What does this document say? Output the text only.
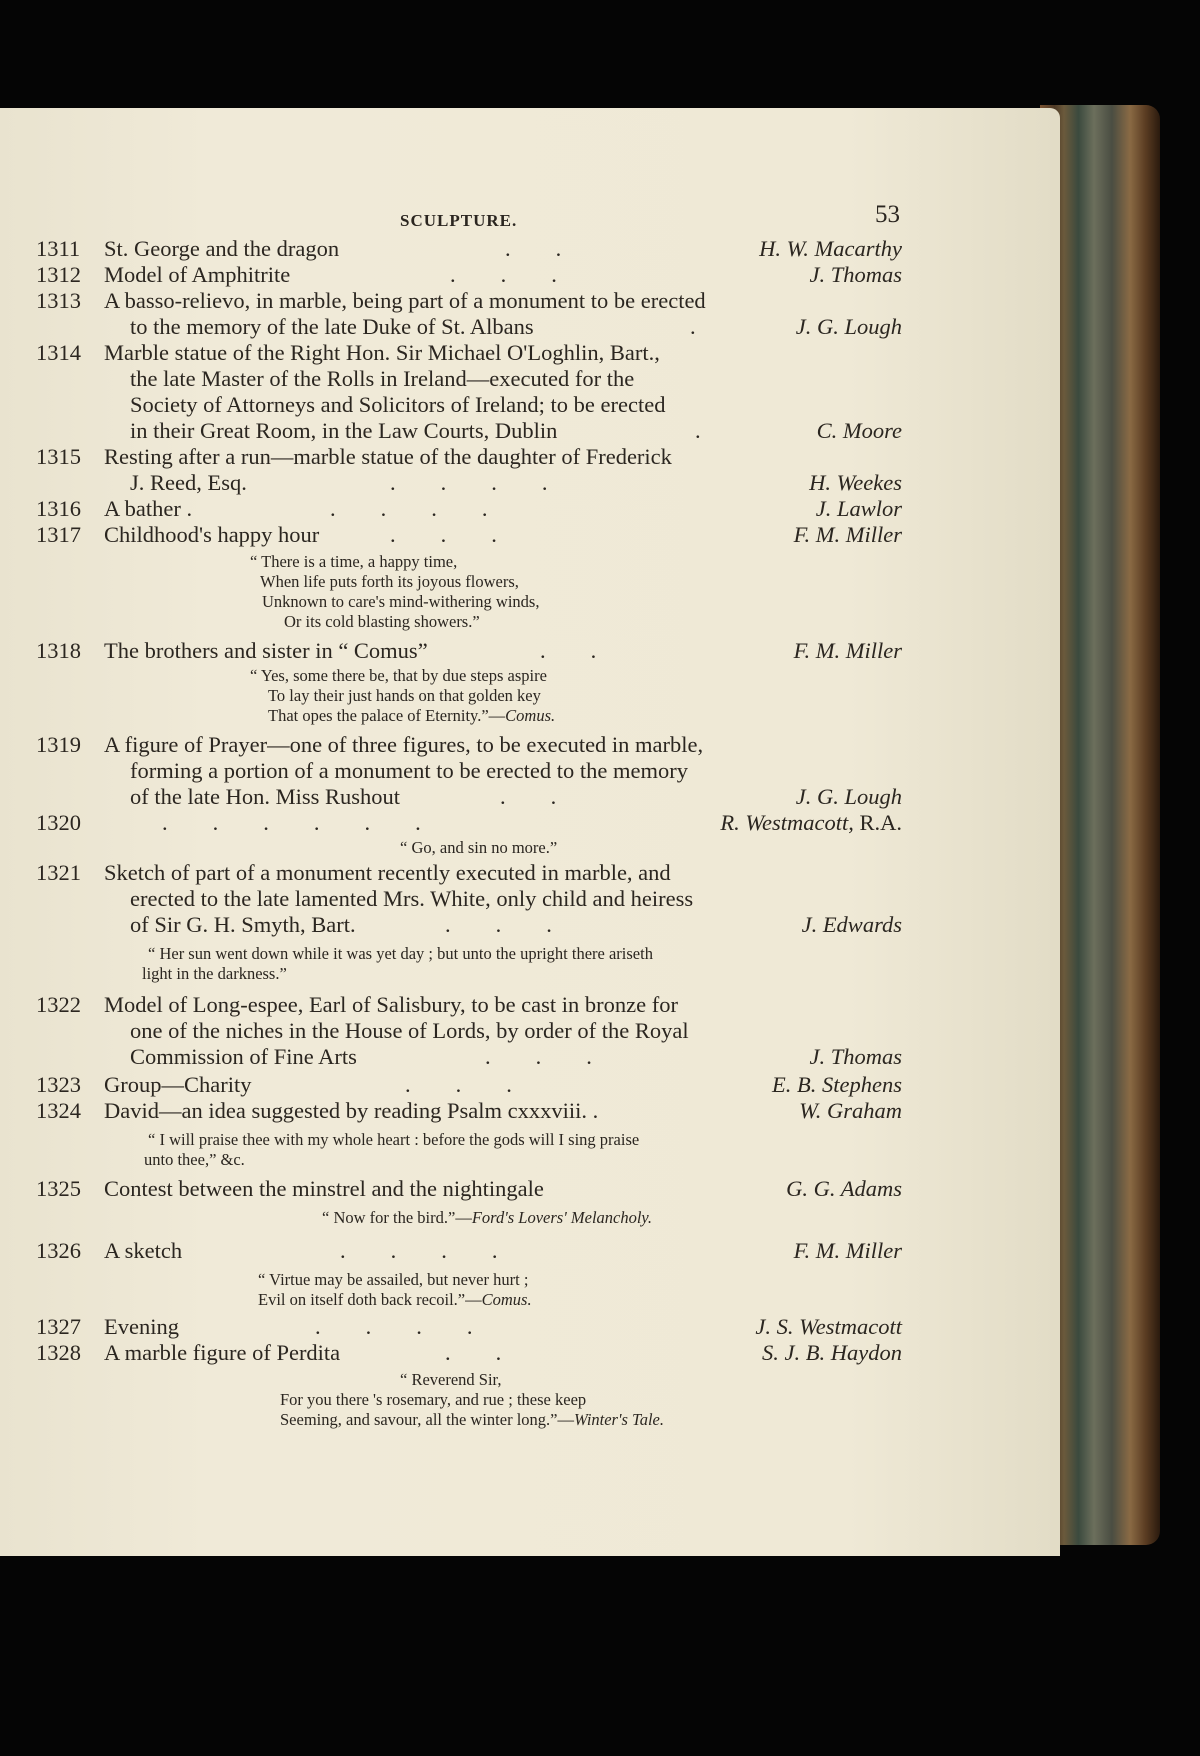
SCULPTURE.	53
1311 St. George and the dragon	.        .	H. W. Macarthy
1312 Model of Amphitrite	.        .        .	J. Thomas
1313 A basso-relievo, in marble, being part of a monument to be erected
to the memory of the late Duke of St. Albans	.	J. G. Lough
1314 Marble statue of the Right Hon. Sir Michael O'Loghlin, Bart.,
the late Master of the Rolls in Ireland—executed for the
Society of Attorneys and Solicitors of Ireland; to be erected
in their Great Room, in the Law Courts, Dublin	.	C. Moore
1315 Resting after a run—marble statue of the daughter of Frederick
J. Reed, Esq.	.        .        .        .	H. Weekes
1316 A bather .	.        .        .        .	J. Lawlor
1317 Childhood's happy hour	.        .        .	F. M. Miller
“ There is a time, a happy time,
When life puts forth its joyous flowers,
Unknown to care's mind-withering winds,
Or its cold blasting showers.”
1318 The brothers and sister in “ Comus”	.        .	F. M. Miller
“ Yes, some there be, that by due steps aspire
To lay their just hands on that golden key
That opes the palace of Eternity.”—Comus.
1319 A figure of Prayer—one of three figures, to be executed in marble,
forming a portion of a monument to be erected to the memory
of the late Hon. Miss Rushout	.        .	J. G. Lough
1320	.        .        .        .        .        .	R. Westmacott, R.A.
“ Go, and sin no more.”
1321 Sketch of part of a monument recently executed in marble, and
erected to the late lamented Mrs. White, only child and heiress
of Sir G. H. Smyth, Bart.	.        .        .	J. Edwards
“ Her sun went down while it was yet day ; but unto the upright there ariseth
light in the darkness.”
1322 Model of Long-espee, Earl of Salisbury, to be cast in bronze for
one of the niches in the House of Lords, by order of the Royal
Commission of Fine Arts	.        .        .	J. Thomas
1323 Group—Charity	.        .        .	E. B. Stephens
1324 David—an idea suggested by reading Psalm cxxxviii. .	W. Graham
“ I will praise thee with my whole heart : before the gods will I sing praise
unto thee,” &c.
1325 Contest between the minstrel and the nightingale	G. G. Adams
“ Now for the bird.”—Ford's Lovers' Melancholy.
1326 A sketch	.        .        .        .	F. M. Miller
“ Virtue may be assailed, but never hurt ;
Evil on itself doth back recoil.”—Comus.
1327 Evening	.        .        .        .	J. S. Westmacott
1328 A marble figure of Perdita	.        .	S. J. B. Haydon
“ Reverend Sir,
For you there 's rosemary, and rue ; these keep
Seeming, and savour, all the winter long.”—Winter's Tale.
